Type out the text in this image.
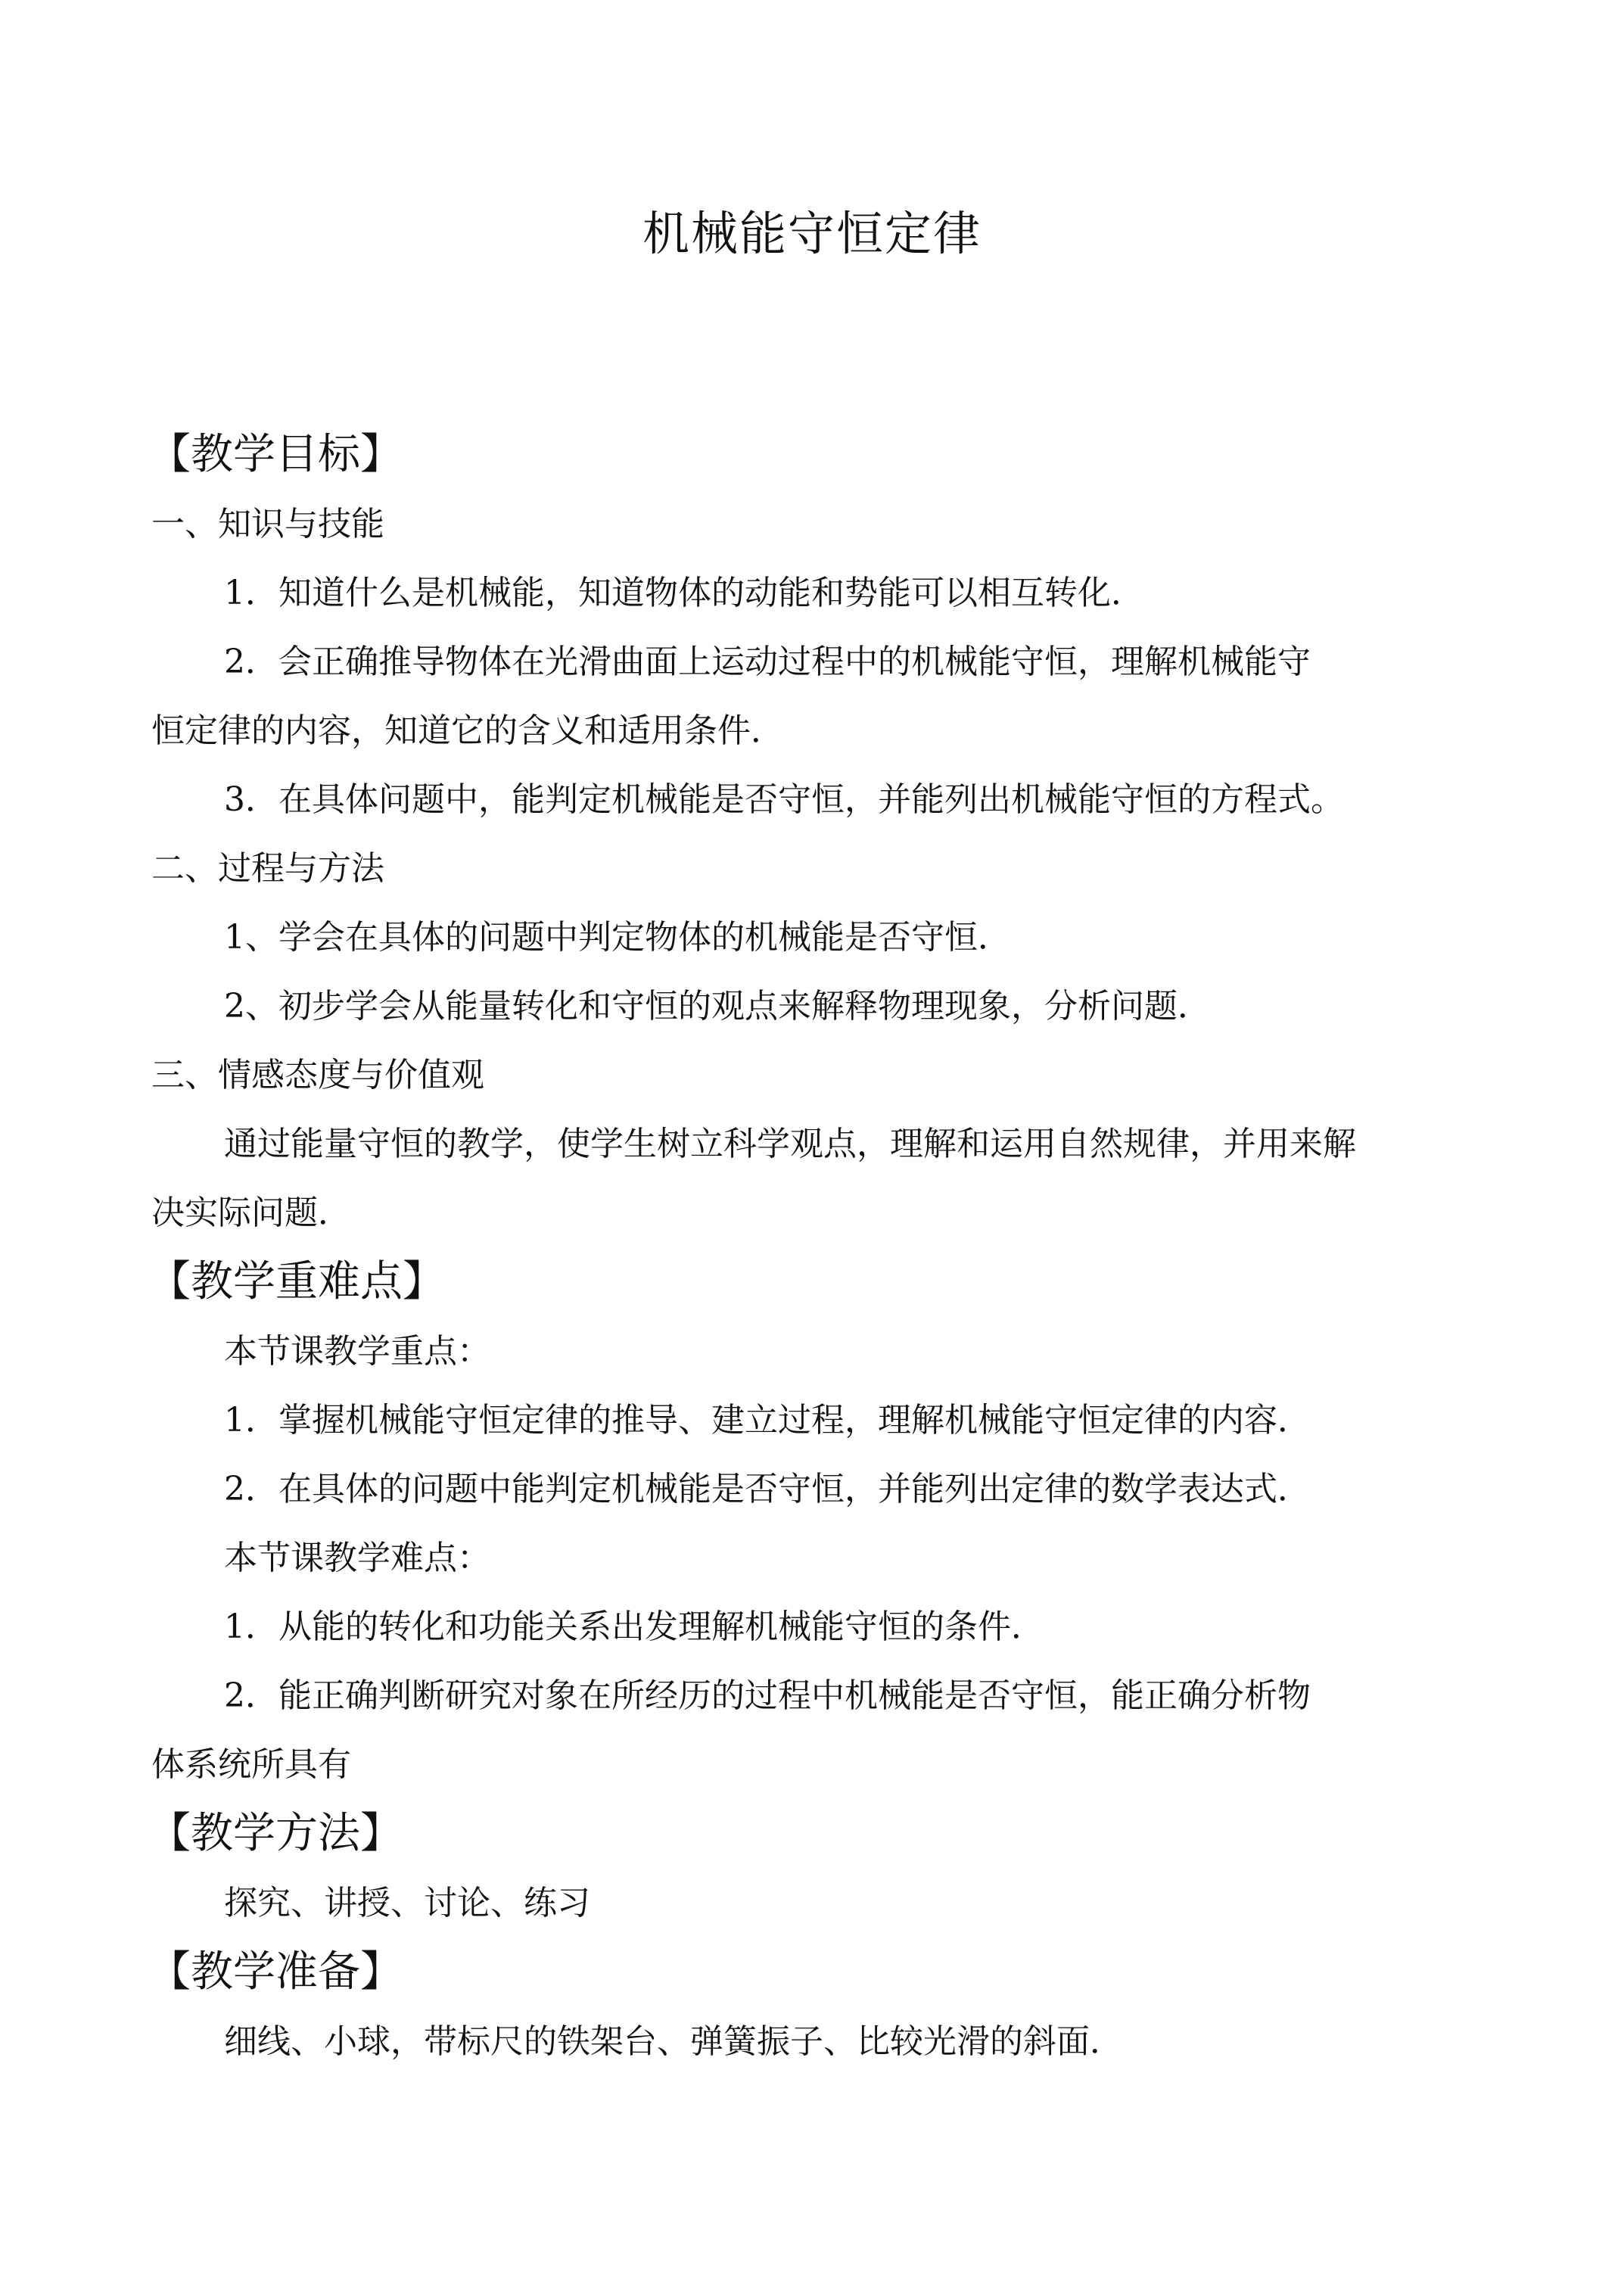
机械能守恒定律
【教学目标】
一、知识与技能
1．知道什么是机械能，知道物体的动能和势能可以相互转化．
2．会正确推导物体在光滑曲面上运动过程中的机械能守恒，理解机械能守
恒定律的内容，知道它的含义和适用条件．
3．在具体问题中，能判定机械能是否守恒，并能列出机械能守恒的方程式。
二、过程与方法
1、学会在具体的问题中判定物体的机械能是否守恒．
2、初步学会从能量转化和守恒的观点来解释物理现象，分析问题．
三、情感态度与价值观
通过能量守恒的教学，使学生树立科学观点，理解和运用自然规律，并用来解
决实际问题．
【教学重难点】
本节课教学重点：
1．掌握机械能守恒定律的推导、建立过程，理解机械能守恒定律的内容．
2．在具体的问题中能判定机械能是否守恒，并能列出定律的数学表达式．
本节课教学难点：
1．从能的转化和功能关系出发理解机械能守恒的条件．
2．能正确判断研究对象在所经历的过程中机械能是否守恒，能正确分析物
体系统所具有
【教学方法】
探究、讲授、讨论、练习
【教学准备】
细线、小球，带标尺的铁架台、弹簧振子、比较光滑的斜面．
